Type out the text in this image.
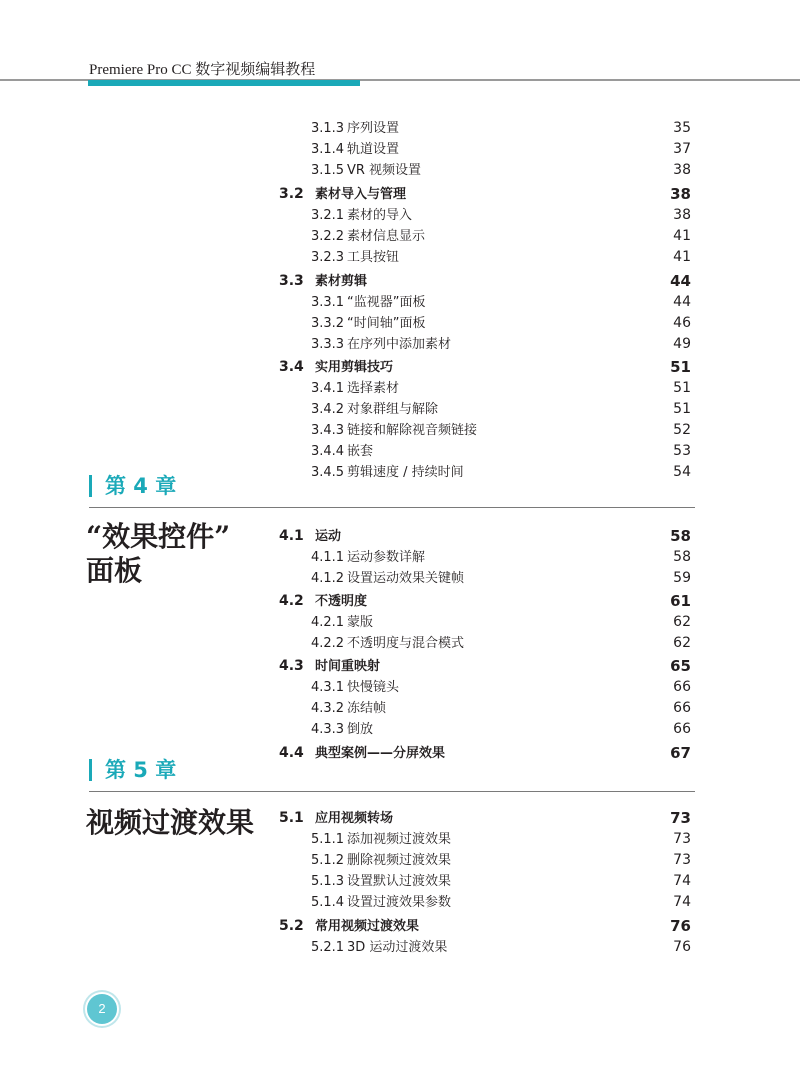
Premiere Pro CC 数字视频编辑教程
第 4 章
“效果控件”
面板
第 5 章
视频过渡效果
3.1.3 序列设置	35
3.1.4 轨道设置	37
3.1.5 VR 视频设置	38
3.2 素材导入与管理	38
3.2.1 素材的导入	38
3.2.2 素材信息显示	41
3.2.3 工具按钮	41
3.3 素材剪辑	44
3.3.1 “监视器”面板	44
3.3.2 “时间轴”面板	46
3.3.3 在序列中添加素材	49
3.4 实用剪辑技巧	51
3.4.1 选择素材	51
3.4.2 对象群组与解除	51
3.4.3 链接和解除视音频链接	52
3.4.4 嵌套	53
3.4.5 剪辑速度 / 持续时间	54
4.1 运动	58
4.1.1 运动参数详解	58
4.1.2 设置运动效果关键帧	59
4.2 不透明度	61
4.2.1 蒙版	62
4.2.2 不透明度与混合模式	62
4.3 时间重映射	65
4.3.1 快慢镜头	66
4.3.2 冻结帧	66
4.3.3 倒放	66
4.4 典型案例——分屏效果	67
5.1 应用视频转场	73
5.1.1 添加视频过渡效果	73
5.1.2 删除视频过渡效果	73
5.1.3 设置默认过渡效果	74
5.1.4 设置过渡效果参数	74
5.2 常用视频过渡效果	76
5.2.1 3D 运动过渡效果	76
2
